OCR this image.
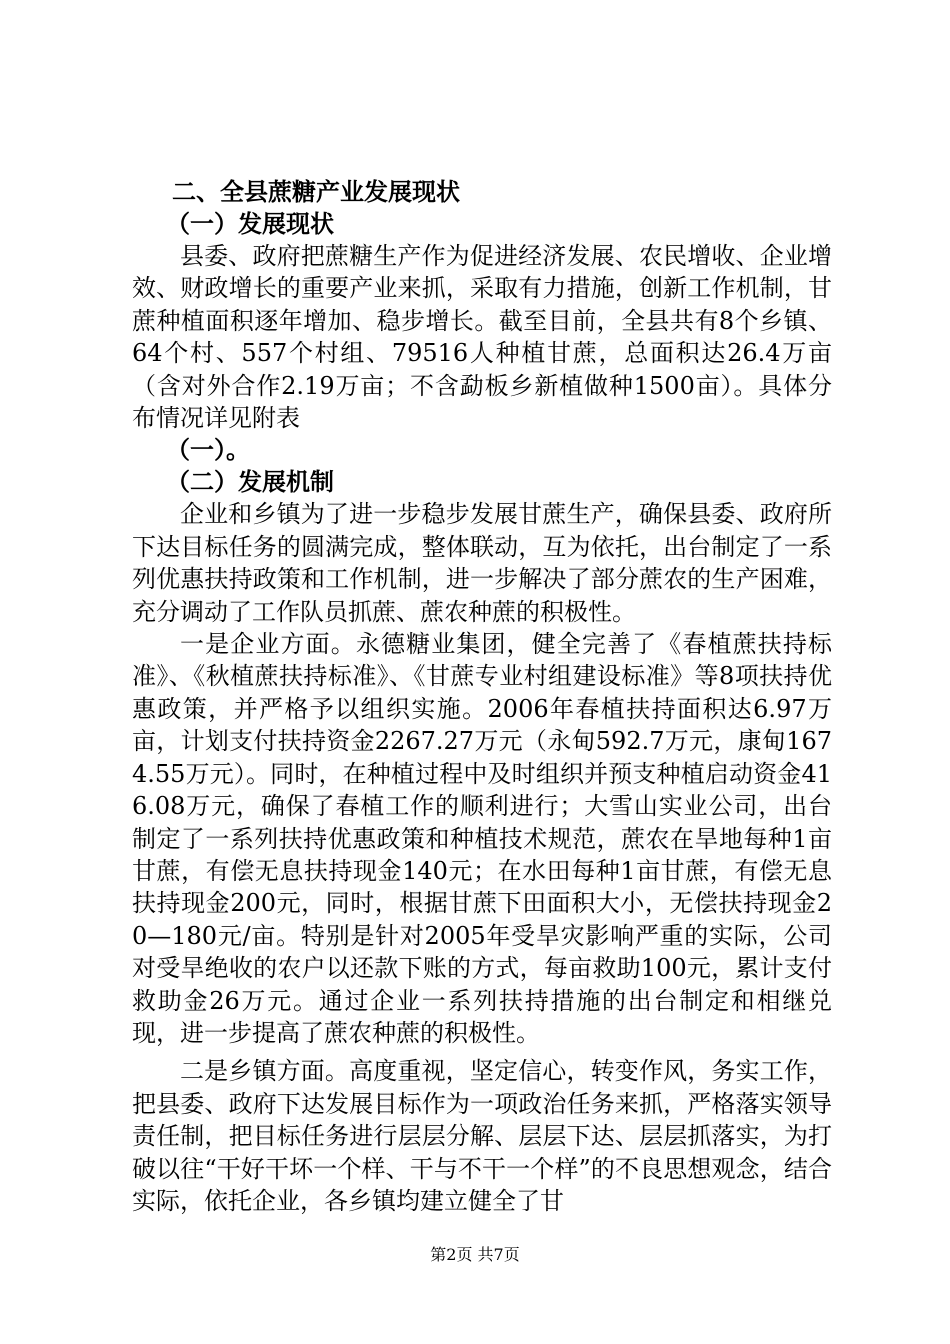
二、全县蔗糖产业发展现状

（一）发展现状

县委、政府把蔗糖生产作为促进经济发展、农民增收、企业增效、财政增长的重要产业来抓，采取有力措施，创新工作机制，甘蔗种植面积逐年增加、稳步增长。截至目前，全县共有8个乡镇、64个村、557个村组、79516人种植甘蔗，总面积达26.4万亩（含对外合作2.19万亩；不含勐板乡新植做种1500亩）。具体分布情况详见附表

（一）。

（二）发展机制

企业和乡镇为了进一步稳步发展甘蔗生产，确保县委、政府所下达目标任务的圆满完成，整体联动，互为依托，出台制定了一系列优惠扶持政策和工作机制，进一步解决了部分蔗农的生产困难，充分调动了工作队员抓蔗、蔗农种蔗的积极性。

一是企业方面。永德糖业集团，健全完善了《春植蔗扶持标准》、《秋植蔗扶持标准》、《甘蔗专业村组建设标准》等8项扶持优惠政策，并严格予以组织实施。2006年春植扶持面积达6.97万亩，计划支付扶持资金2267.27万元（永甸592.7万元，康甸1674.55万元）。同时，在种植过程中及时组织并预支种植启动资金416.08万元，确保了春植工作的顺利进行；大雪山实业公司，出台制定了一系列扶持优惠政策和种植技术规范，蔗农在旱地每种1亩甘蔗，有偿无息扶持现金140元；在水田每种1亩甘蔗，有偿无息扶持现金200元，同时，根据甘蔗下田面积大小，无偿扶持现金20—180元/亩。特别是针对2005年受旱灾影响严重的实际，公司对受旱绝收的农户以还款下账的方式，每亩救助100元，累计支付救助金26万元。通过企业一系列扶持措施的出台制定和相继兑现，进一步提高了蔗农种蔗的积极性。

二是乡镇方面。高度重视，坚定信心，转变作风，务实工作，把县委、政府下达发展目标作为一项政治任务来抓，严格落实领导责任制，把目标任务进行层层分解、层层下达、层层抓落实，为打破以往“干好干坏一个样、干与不干一个样”的不良思想观念，结合实际，依托企业，各乡镇均建立健全了甘

第2页 共7页
